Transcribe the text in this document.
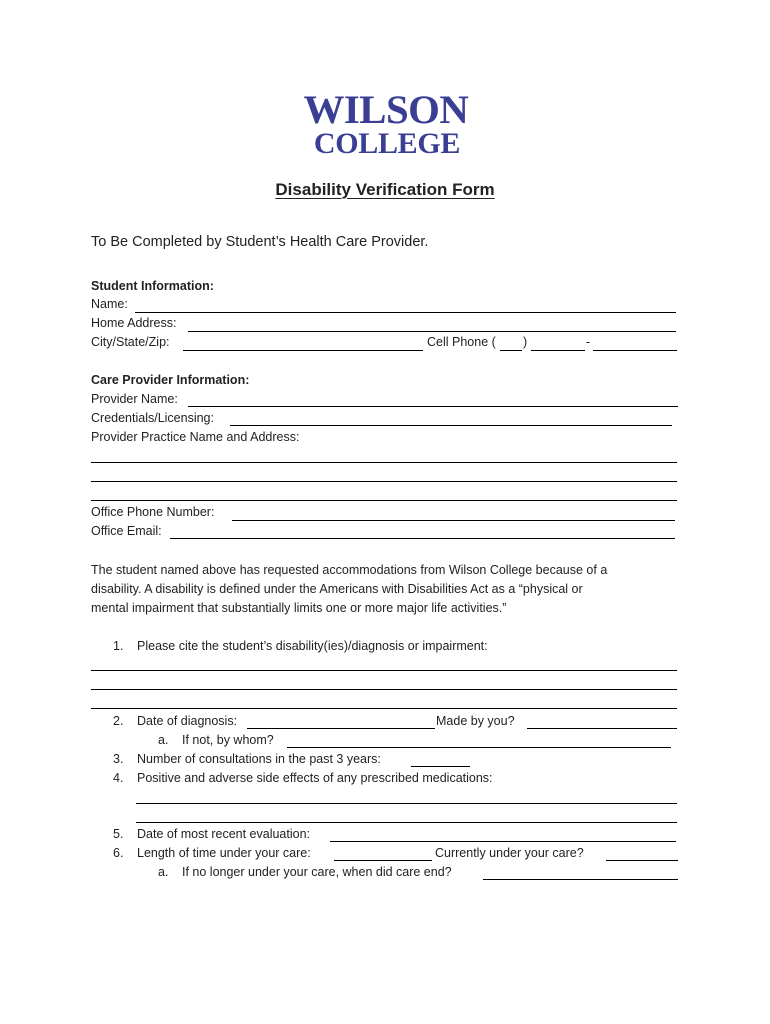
WILSON
COLLEGE
Disability Verification Form
To Be Completed by Student’s Health Care Provider.
Student Information:
Name:
Home Address:
City/State/Zip:	Cell Phone ( )	-
Care Provider Information:
Provider Name:
Credentials/Licensing:
Provider Practice Name and Address:
Office Phone Number:
Office Email:
The student named above has requested accommodations from Wilson College because of a
disability. A disability is defined under the Americans with Disabilities Act as a “physical or
mental impairment that substantially limits one or more major life activities.”
1. Please cite the student’s disability(ies)/diagnosis or impairment:
2. Date of diagnosis:	Made by you?
a. If not, by whom?
3. Number of consultations in the past 3 years:
4. Positive and adverse side effects of any prescribed medications:
5. Date of most recent evaluation:
6. Length of time under your care:	Currently under your care?
a. If no longer under your care, when did care end?
